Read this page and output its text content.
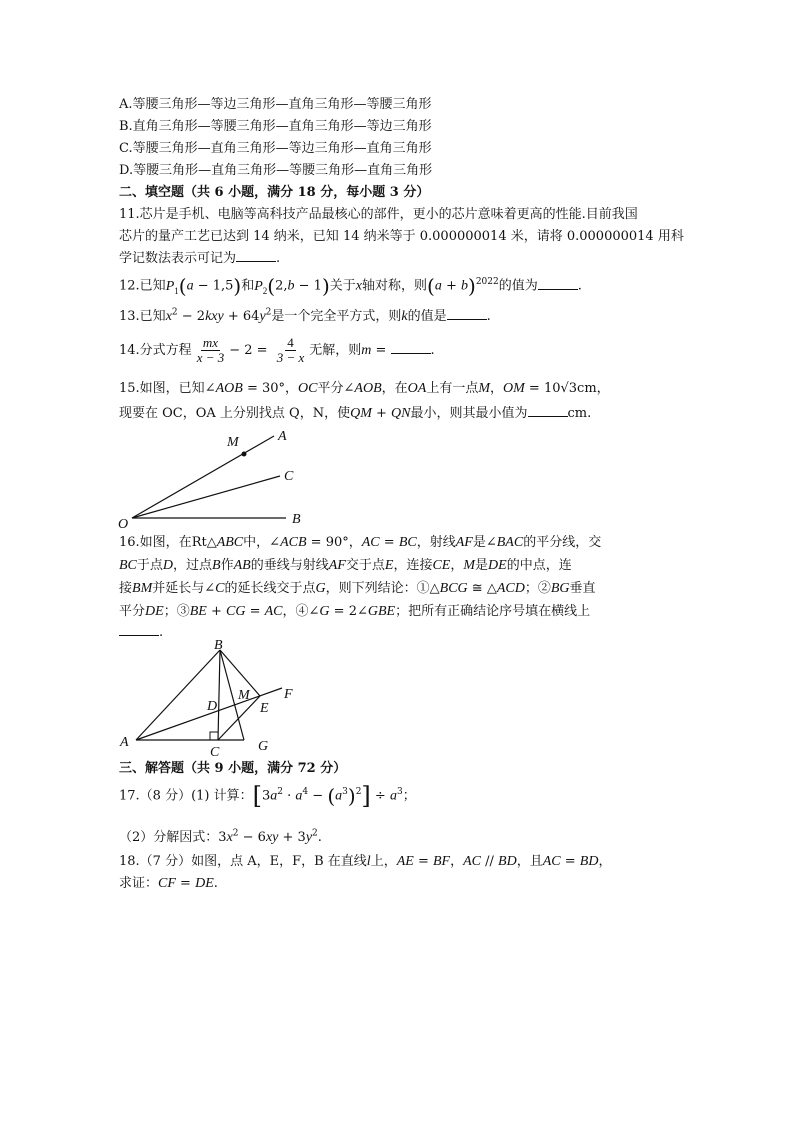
A.等腰三角形—等边三角形—直角三角形—等腰三角形
B.直角三角形—等腰三角形—直角三角形—等边三角形
C.等腰三角形—直角三角形—等边三角形—直角三角形
D.等腰三角形—直角三角形—等腰三角形—直角三角形
二、填空题（共 6 小题，满分 18 分，每小题 3 分）
11.芯片是手机、电脑等高科技产品最核心的部件，更小的芯片意味着更高的性能.目前我国
芯片的量产工艺已达到 14 纳米，已知 14 纳米等于 0.000000014 米，请将 0.000000014 用科
学记数法表示可记为	.
12.已知$P_1(a - 1,5)$和$P_2(2,b - 1)$关于x轴对称，则$(a + b)^{2022}$的值为	.
13.已知$x^2 - 2kxy + 64y^2$是一个完全平方式，则k的值是	.
14.分式方程 $\frac{mx}{x - 3} - 2 = \frac{4}{3 - x}$ 无解，则m =	.
15.如图，已知∠AOB = 30°，OC平分∠AOB，在OA上有一点M，OM = 10√3cm，
现要在 OC，OA 上分别找点 Q，N，使QM + QN最小，则其最小值为	cm.
M	A
C
O	B
16.如图，在Rt△ABC中，∠ACB = 90°，AC = BC，射线AF是∠BAC的平分线，交
BC于点D，过点B作AB的垂线与射线AF交于点E，连接CE，M是DE的中点，连
接BM并延长与∠C的延长线交于点G，则下列结论：①△BCG ≅ △ACD；②BG垂直
平分DE；③BE + CG = AC，④∠G = 2∠GBE；把所有正确结论序号填在横线上
.
B
F
D
M
E
A
C	G
三、解答题（共 9 小题，满分 72 分）
17.（8 分）(1) 计算：$[3a^2 \cdot a^4 - (a^3)^2] \div a^3$；
（2）分解因式：$3x^2 - 6xy + 3y^2$.
18.（7 分）如图，点 A，E，F，B 在直线l上，AE = BF，AC // BD，且AC = BD，
求证：CF = DE.
